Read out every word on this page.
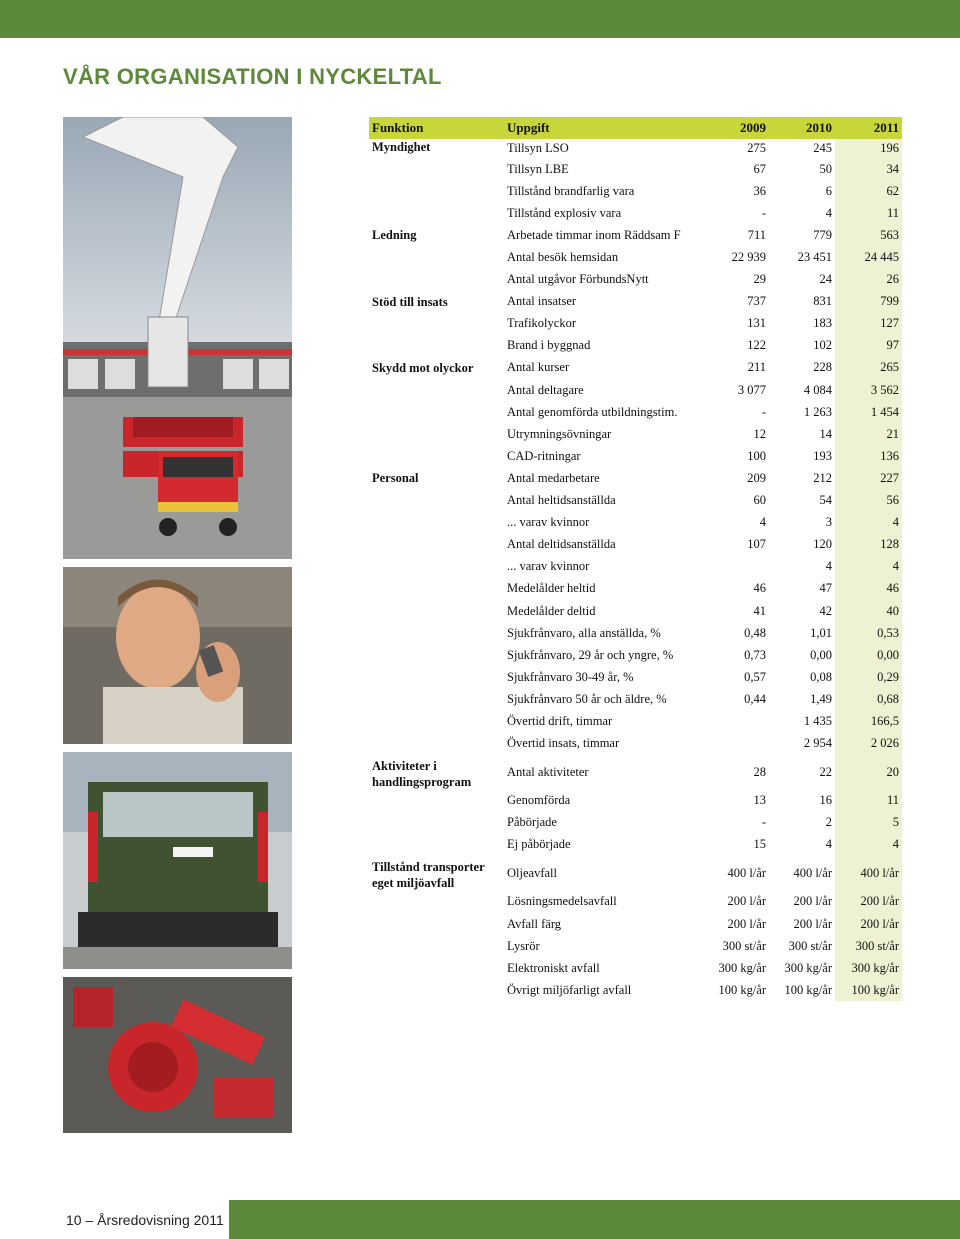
VÅR ORGANISATION I NYCKELTAL
Funktion	Uppgift	2009	2010	2011
Myndighet	Tillsyn LSO	275	245	196
	Tillsyn LBE	67	50	34
	Tillstånd brandfarlig vara	36	6	62
	Tillstånd explosiv vara	-	4	11
Ledning	Arbetade timmar inom Räddsam F	711	779	563
	Antal besök hemsidan	22 939	23 451	24 445
	Antal utgåvor FörbundsNytt	29	24	26
Stöd till insats	Antal insatser	737	831	799
	Trafikolyckor	131	183	127
	Brand i byggnad	122	102	97
Skydd mot olyckor	Antal kurser	211	228	265
	Antal deltagare	3 077	4 084	3 562
	Antal genomförda utbildningstim.	-	1 263	1 454
	Utrymningsövningar	12	14	21
	CAD-ritningar	100	193	136
Personal	Antal medarbetare	209	212	227
	Antal heltidsanställda	60	54	56
	... varav kvinnor	4	3	4
	Antal deltidsanställda	107	120	128
	... varav kvinnor		4	4
	Medelålder heltid	46	47	46
	Medelålder deltid	41	42	40
	Sjukfrånvaro, alla anställda, %	0,48	1,01	0,53
	Sjukfrånvaro, 29 år och yngre, %	0,73	0,00	0,00
	Sjukfrånvaro 30-49 år, %	0,57	0,08	0,29
	Sjukfrånvaro 50 år och äldre, %	0,44	1,49	0,68
	Övertid drift, timmar		1 435	166,5
	Övertid insats, timmar		2 954	2 026
Aktiviteter i handlingsprogram	Antal aktiviteter	28	22	20
	Genomförda	13	16	11
	Påbörjade	-	2	5
	Ej påbörjade	15	4	4
Tillstånd transporter eget miljöavfall	Oljeavfall	400 l/år	400 l/år	400 l/år
	Lösningsmedelsavfall	200 l/år	200 l/år	200 l/år
	Avfall färg	200 l/år	200 l/år	200 l/år
	Lysrör	300 st/år	300 st/år	300 st/år
	Elektroniskt avfall	300 kg/år	300 kg/år	300 kg/år
	Övrigt miljöfarligt avfall	100 kg/år	100 kg/år	100 kg/år
10 – Årsredovisning 2011
